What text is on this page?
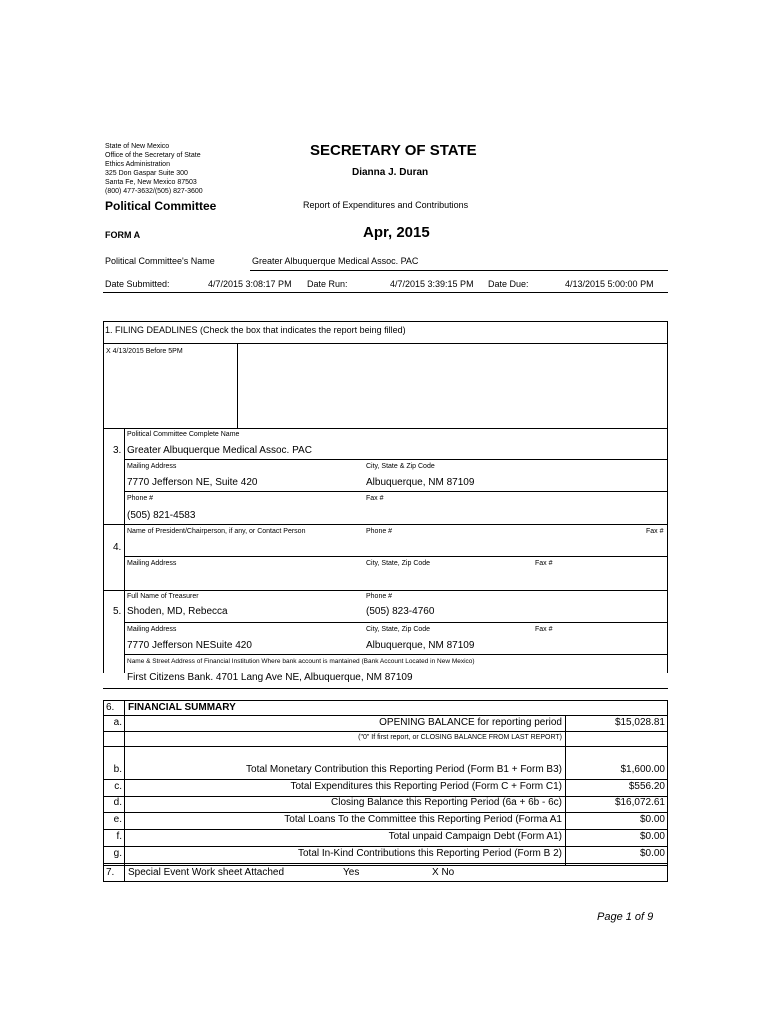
State of New Mexico
Office of the Secretary of State
Ethics Administration
325 Don Gaspar Suite 300
Santa Fe, New Mexico 87503
(800) 477-3632/(505) 827-3600
SECRETARY OF STATE
Dianna J. Duran
Political Committee	Report of Expenditures and Contributions
FORM A	Apr, 2015
Political Committee's Name	Greater Albuquerque Medical Assoc. PAC
Date Submitted:	4/7/2015 3:08:17 PM Date Run:	4/7/2015 3:39:15 PM Date Due:	4/13/2015 5:00:00 PM
1. FILING DEADLINES (Check the box that indicates the report being filled)
X 4/13/2015 Before 5PM
Political Committee Complete Name
3. Greater Albuquerque Medical Assoc. PAC
Mailing Address	City, State & Zip Code
7770 Jefferson NE, Suite 420	Albuquerque, NM 87109
Phone #	Fax #
(505) 821-4583
Name of President/Chairperson, if any, or Contact Person	Phone #	Fax #
4.
Mailing Address	City, State, Zip Code	Fax #
Full Name of Treasurer	Phone #
5. Shoden, MD, Rebecca	(505) 823-4760
Mailing Address	City, State, Zip Code	Fax #
7770 Jefferson NESuite 420	Albuquerque, NM 87109
Name & Street Address of Financial Institution Where bank account is mantained (Bank Account Located in New Mexico)
First Citizens Bank. 4701 Lang Ave NE, Albuquerque, NM 87109
6. FINANCIAL SUMMARY
a.	OPENING BALANCE for reporting period	$15,028.81
("0" If first report, or CLOSING BALANCE FROM LAST REPORT)
b.	Total Monetary Contribution this Reporting Period (Form B1 + Form B3)	$1,600.00
c.	Total Expenditures this Reporting Period (Form C + Form C1)	$556.20
d.	Closing Balance this Reporting Period (6a + 6b - 6c)	$16,072.61
e.	Total Loans To the Committee this Reporting Period (Forma A1	$0.00
f.	Total unpaid Campaign Debt (Form A1)	$0.00
g.	Total In-Kind Contributions this Reporting Period (Form B 2)	$0.00
7. Special Event Work sheet Attached	Yes	X No
Page 1 of 9
